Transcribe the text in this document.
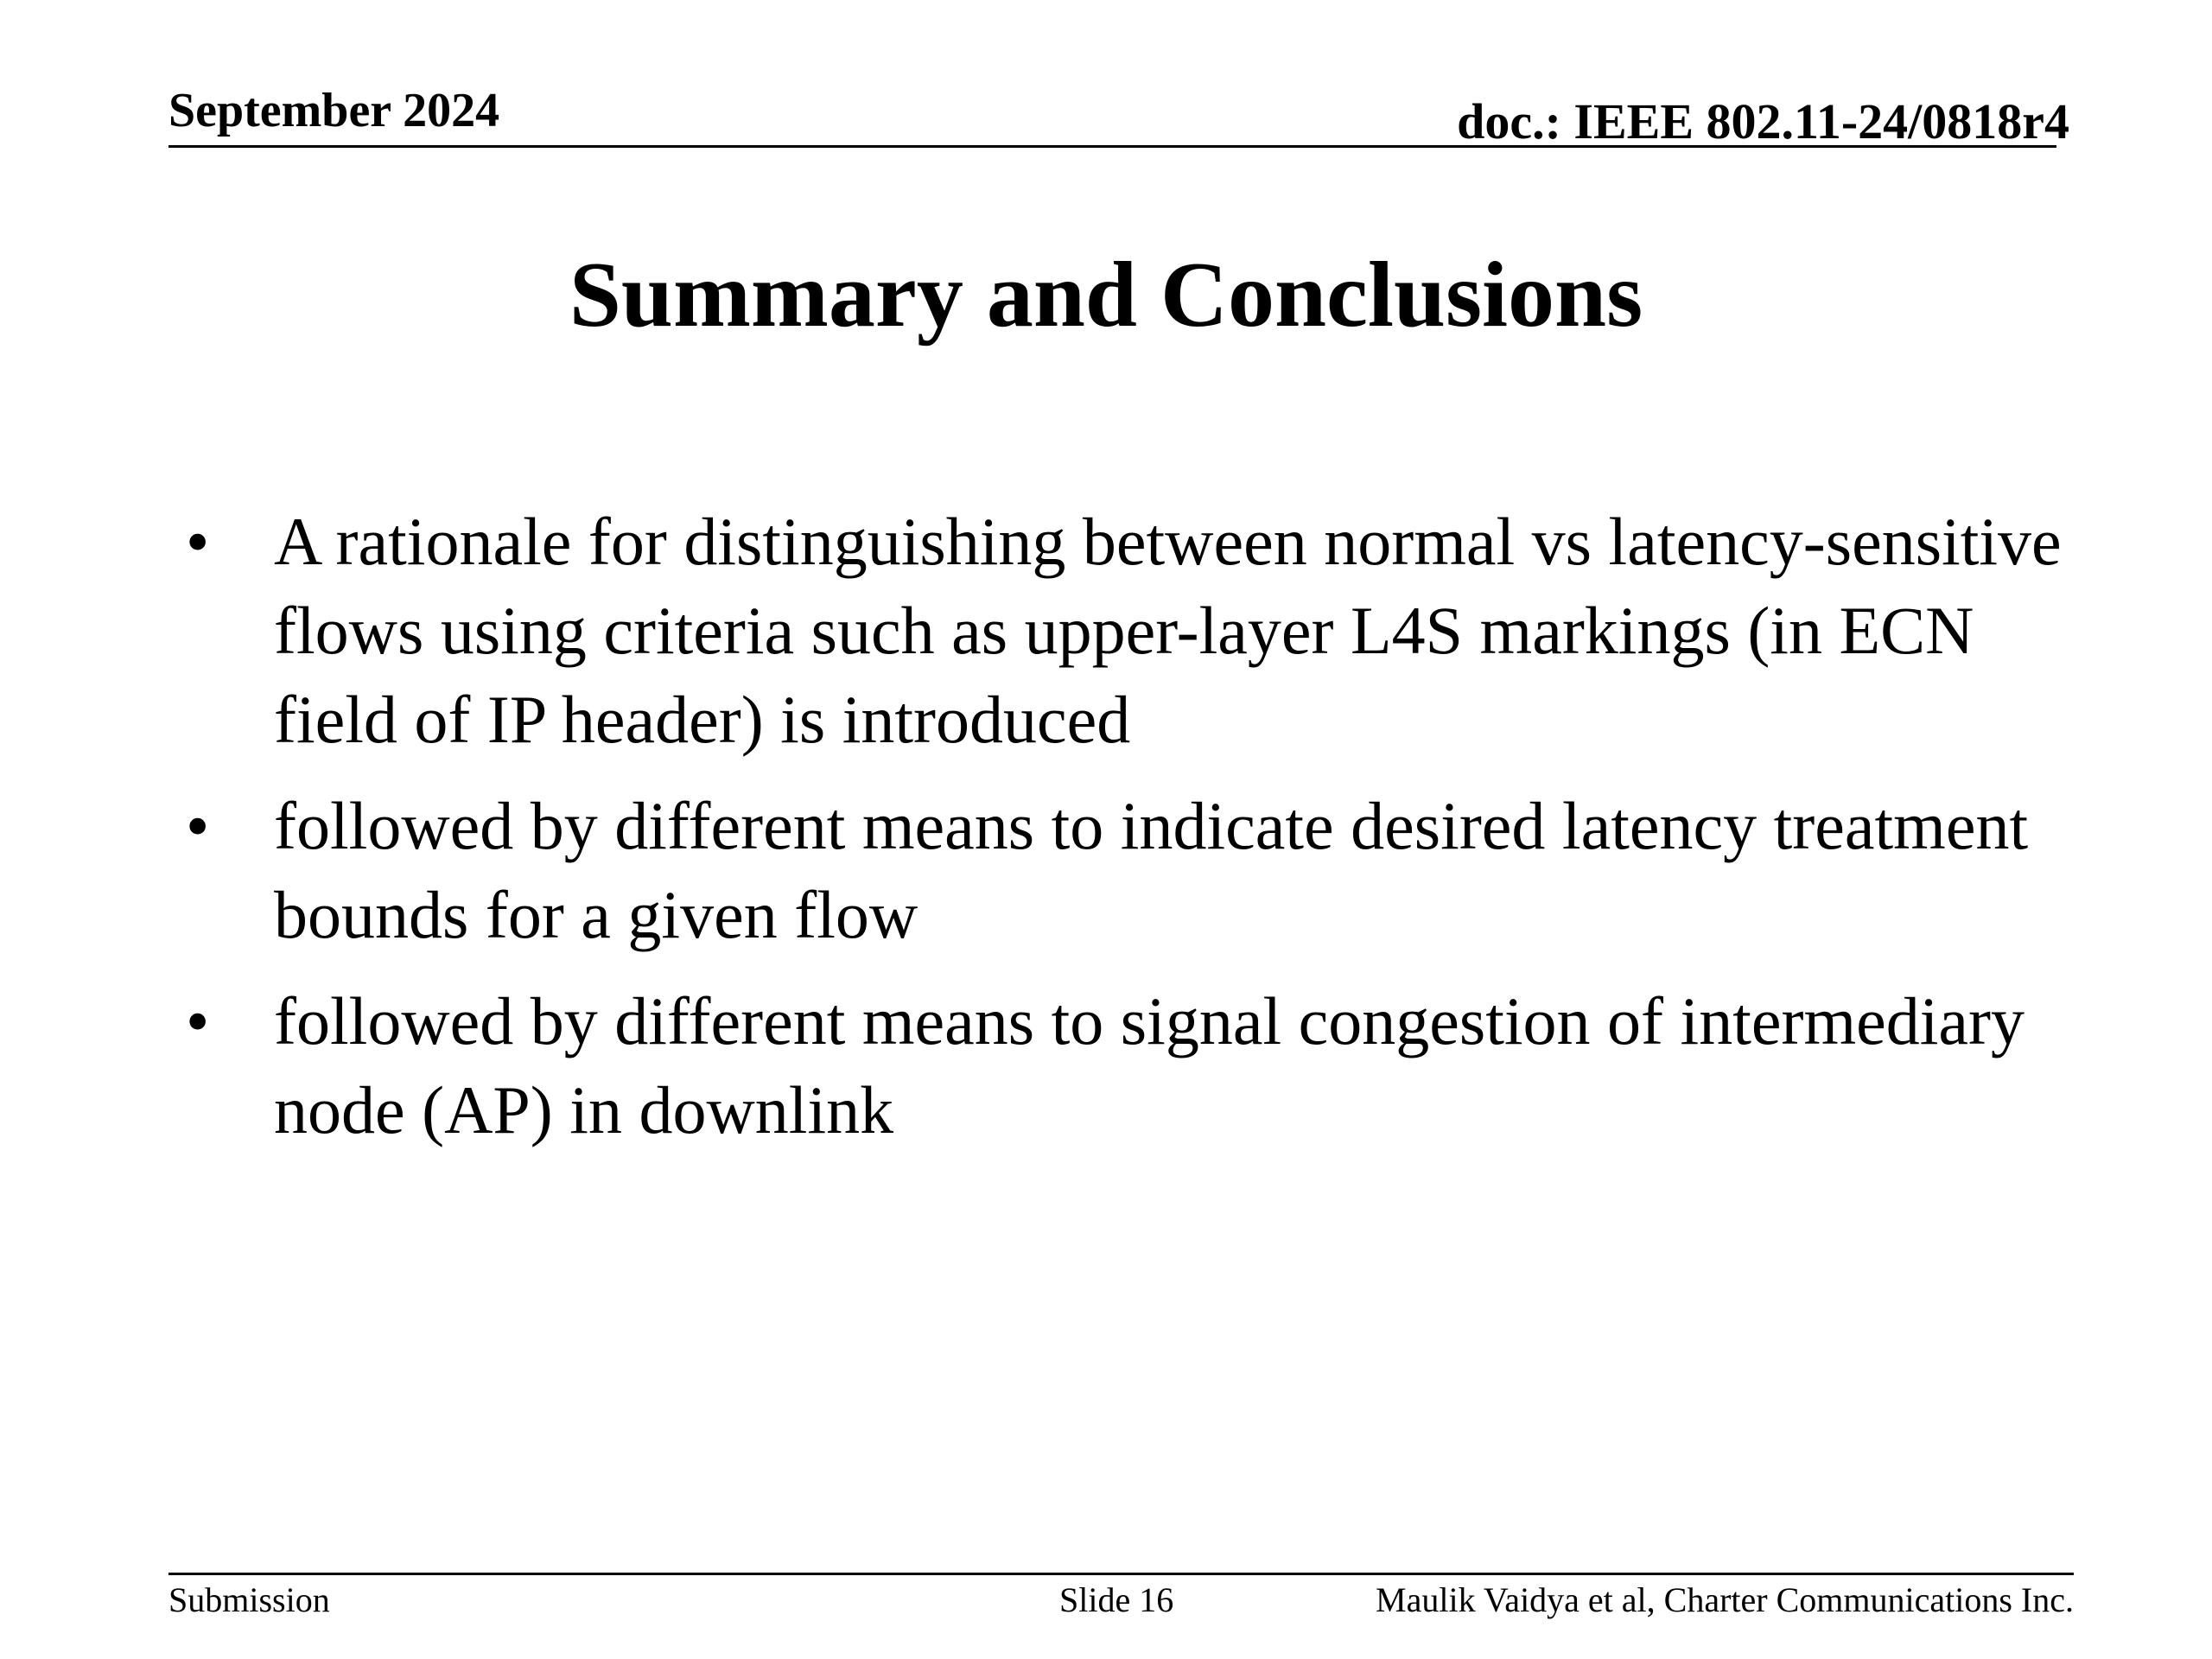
September 2024	doc.: IEEE 802.11-24/0818r4
Summary and Conclusions
• A rationale for distinguishing between normal vs latency-sensitive flows using criteria such as upper-layer L4S markings (in ECN field of IP header) is introduced
• followed by different means to indicate desired latency treatment bounds for a given flow
• followed by different means to signal congestion of intermediary node (AP) in downlink
Submission	Slide 16	Maulik Vaidya et al, Charter Communications Inc.
